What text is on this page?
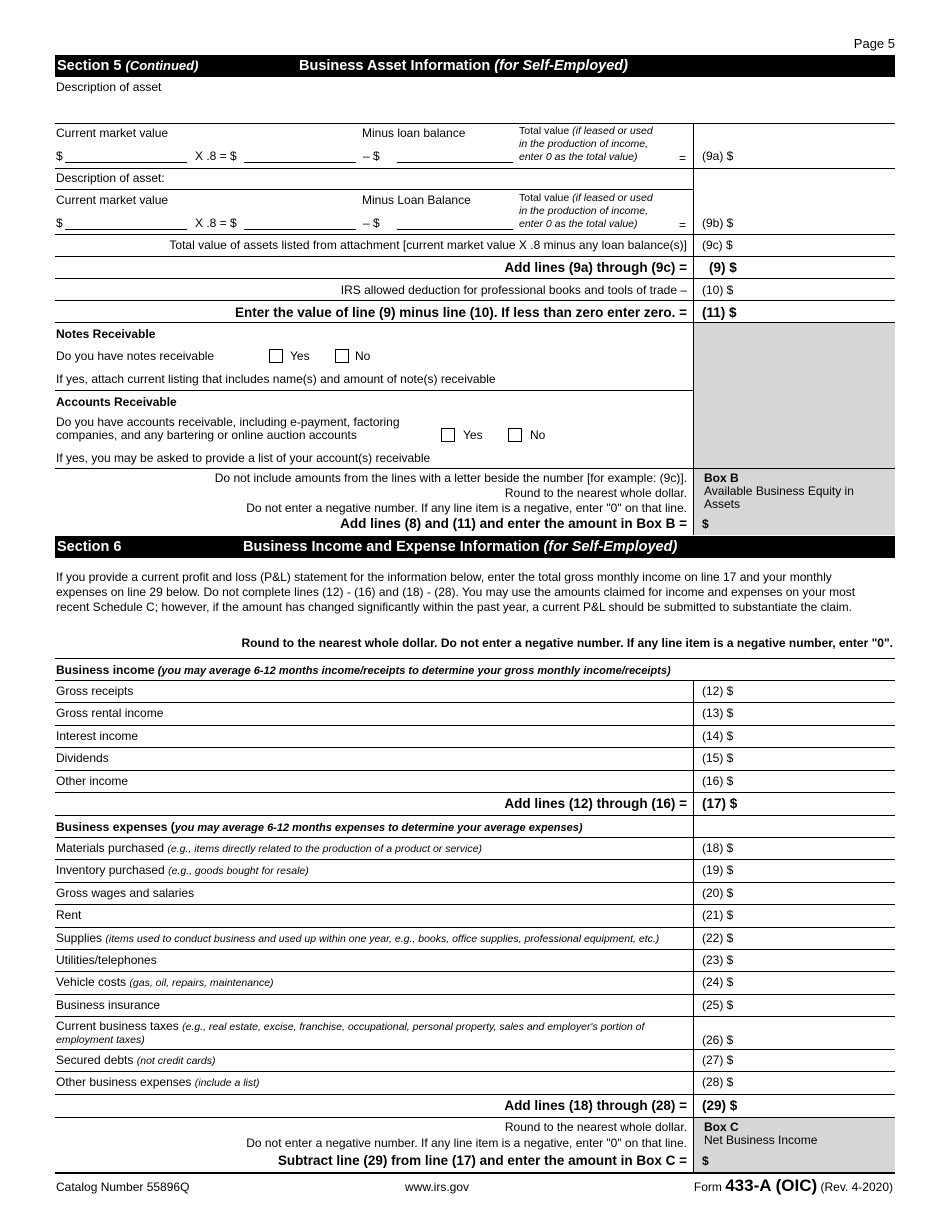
Page 5
Section 5 (Continued)	Business Asset Information (for Self-Employed)
Description of asset
Current market value	Minus loan balance	Total value (if leased or used
in the production of income,
enter 0 as the total value)
$	X .8 = $	– $	= (9a) $
Description of asset:
Current market value	Minus Loan Balance	Total value (if leased or used
in the production of income,
enter 0 as the total value)
$	X .8 = $	– $	= (9b) $
Total value of assets listed from attachment [current market value X .8 minus any loan balance(s)] (9c) $
Add lines (9a) through (9c) = (9) $
IRS allowed deduction for professional books and tools of trade – (10) $
Enter the value of line (9) minus line (10). If less than zero enter zero. = (11) $
Notes Receivable
Do you have notes receivable	Yes	No
If yes, attach current listing that includes name(s) and amount of note(s) receivable
Accounts Receivable
Do you have accounts receivable, including e-payment, factoring
companies, and any bartering or online auction accounts	Yes	No
If yes, you may be asked to provide a list of your account(s) receivable
Do not include amounts from the lines with a letter beside the number [for example: (9c)].
Round to the nearest whole dollar.
Do not enter a negative number. If any line item is a negative, enter "0" on that line.
Add lines (8) and (11) and enter the amount in Box B =
Box B
Available Business Equity in
Assets
$
Section 6	Business Income and Expense Information (for Self-Employed)
If you provide a current profit and loss (P&L) statement for the information below, enter the total gross monthly income on line 17 and your monthly
expenses on line 29 below. Do not complete lines (12) - (16) and (18) - (28). You may use the amounts claimed for income and expenses on your most
recent Schedule C; however, if the amount has changed significantly within the past year, a current P&L should be submitted to substantiate the claim.
Round to the nearest whole dollar. Do not enter a negative number. If any line item is a negative number, enter "0".
Business income (you may average 6-12 months income/receipts to determine your gross monthly income/receipts)
Gross receipts	(12) $
Gross rental income	(13) $
Interest income	(14) $
Dividends	(15) $
Other income	(16) $
Add lines (12) through (16) = (17) $
Business expenses (you may average 6-12 months expenses to determine your average expenses)
Materials purchased (e.g., items directly related to the production of a product or service)	(18) $
Inventory purchased (e.g., goods bought for resale)	(19) $
Gross wages and salaries	(20) $
Rent	(21) $
Supplies (items used to conduct business and used up within one year, e.g., books, office supplies, professional equipment, etc.)	(22) $
Utilities/telephones	(23) $
Vehicle costs (gas, oil, repairs, maintenance)	(24) $
Business insurance	(25) $
Current business taxes (e.g., real estate, excise, franchise, occupational, personal property, sales and employer's portion of
employment taxes)	(26) $
Secured debts (not credit cards)	(27) $
Other business expenses (include a list)	(28) $
Add lines (18) through (28) = (29) $
Round to the nearest whole dollar.
Do not enter a negative number. If any line item is a negative, enter "0" on that line.
Subtract line (29) from line (17) and enter the amount in Box C =
Box C
Net Business Income
$
Catalog Number 55896Q	www.irs.gov	Form 433-A (OIC) (Rev. 4-2020)
